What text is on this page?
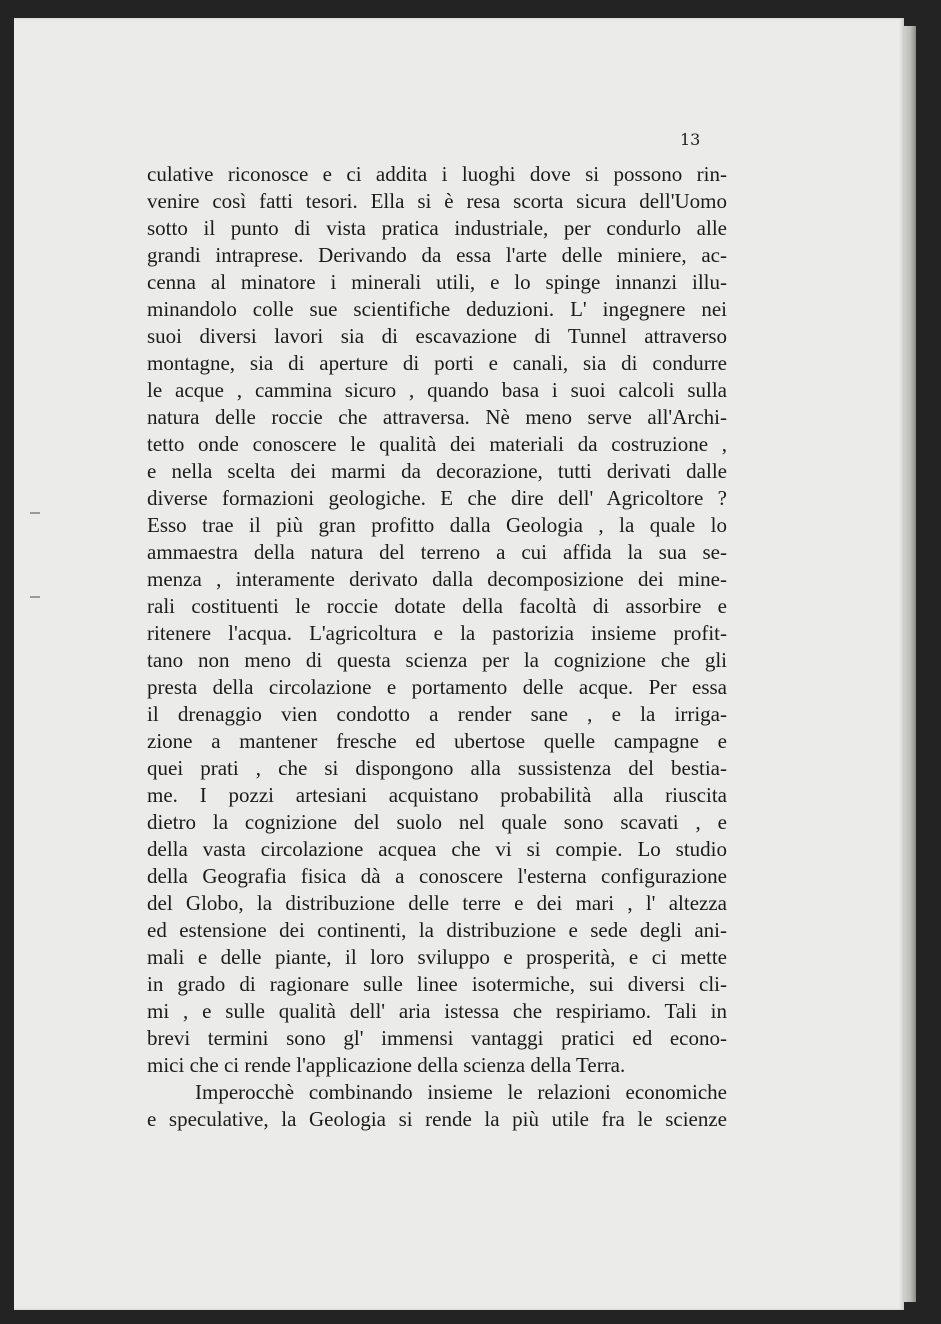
13
culative riconosce e ci addita i luoghi dove si possono rin-
venire così fatti tesori. Ella si è resa scorta sicura dell'Uomo
sotto il punto di vista pratica industriale, per condurlo alle
grandi intraprese. Derivando da essa l'arte delle miniere, ac-
cenna al minatore i minerali utili, e lo spinge innanzi illu-
minandolo colle sue scientifiche deduzioni. L' ingegnere nei
suoi diversi lavori sia di escavazione di Tunnel attraverso
montagne, sia di aperture di porti e canali, sia di condurre
le acque , cammina sicuro , quando basa i suoi calcoli sulla
natura delle roccie che attraversa. Nè meno serve all'Archi-
tetto onde conoscere le qualità dei materiali da costruzione ,
e nella scelta dei marmi da decorazione, tutti derivati dalle
diverse formazioni geologiche. E che dire dell' Agricoltore ?
Esso trae il più gran profitto dalla Geologia , la quale lo
ammaestra della natura del terreno a cui affida la sua se-
menza , interamente derivato dalla decomposizione dei mine-
rali costituenti le roccie dotate della facoltà di assorbire e
ritenere l'acqua. L'agricoltura e la pastorizia insieme profit-
tano non meno di questa scienza per la cognizione che gli
presta della circolazione e portamento delle acque. Per essa
il drenaggio vien condotto a render sane , e la irriga-
zione a mantener fresche ed ubertose quelle campagne e
quei prati , che si dispongono alla sussistenza del bestia-
me. I pozzi artesiani acquistano probabilità alla riuscita
dietro la cognizione del suolo nel quale sono scavati , e
della vasta circolazione acquea che vi si compie. Lo studio
della Geografia fisica dà a conoscere l'esterna configurazione
del Globo, la distribuzione delle terre e dei mari , l' altezza
ed estensione dei continenti, la distribuzione e sede degli ani-
mali e delle piante, il loro sviluppo e prosperità, e ci mette
in grado di ragionare sulle linee isotermiche, sui diversi cli-
mi , e sulle qualità dell' aria istessa che respiriamo. Tali in
brevi termini sono gl' immensi vantaggi pratici ed econo-
mici che ci rende l'applicazione della scienza della Terra.
Imperocchè combinando insieme le relazioni economiche
e speculative, la Geologia si rende la più utile fra le scienze
